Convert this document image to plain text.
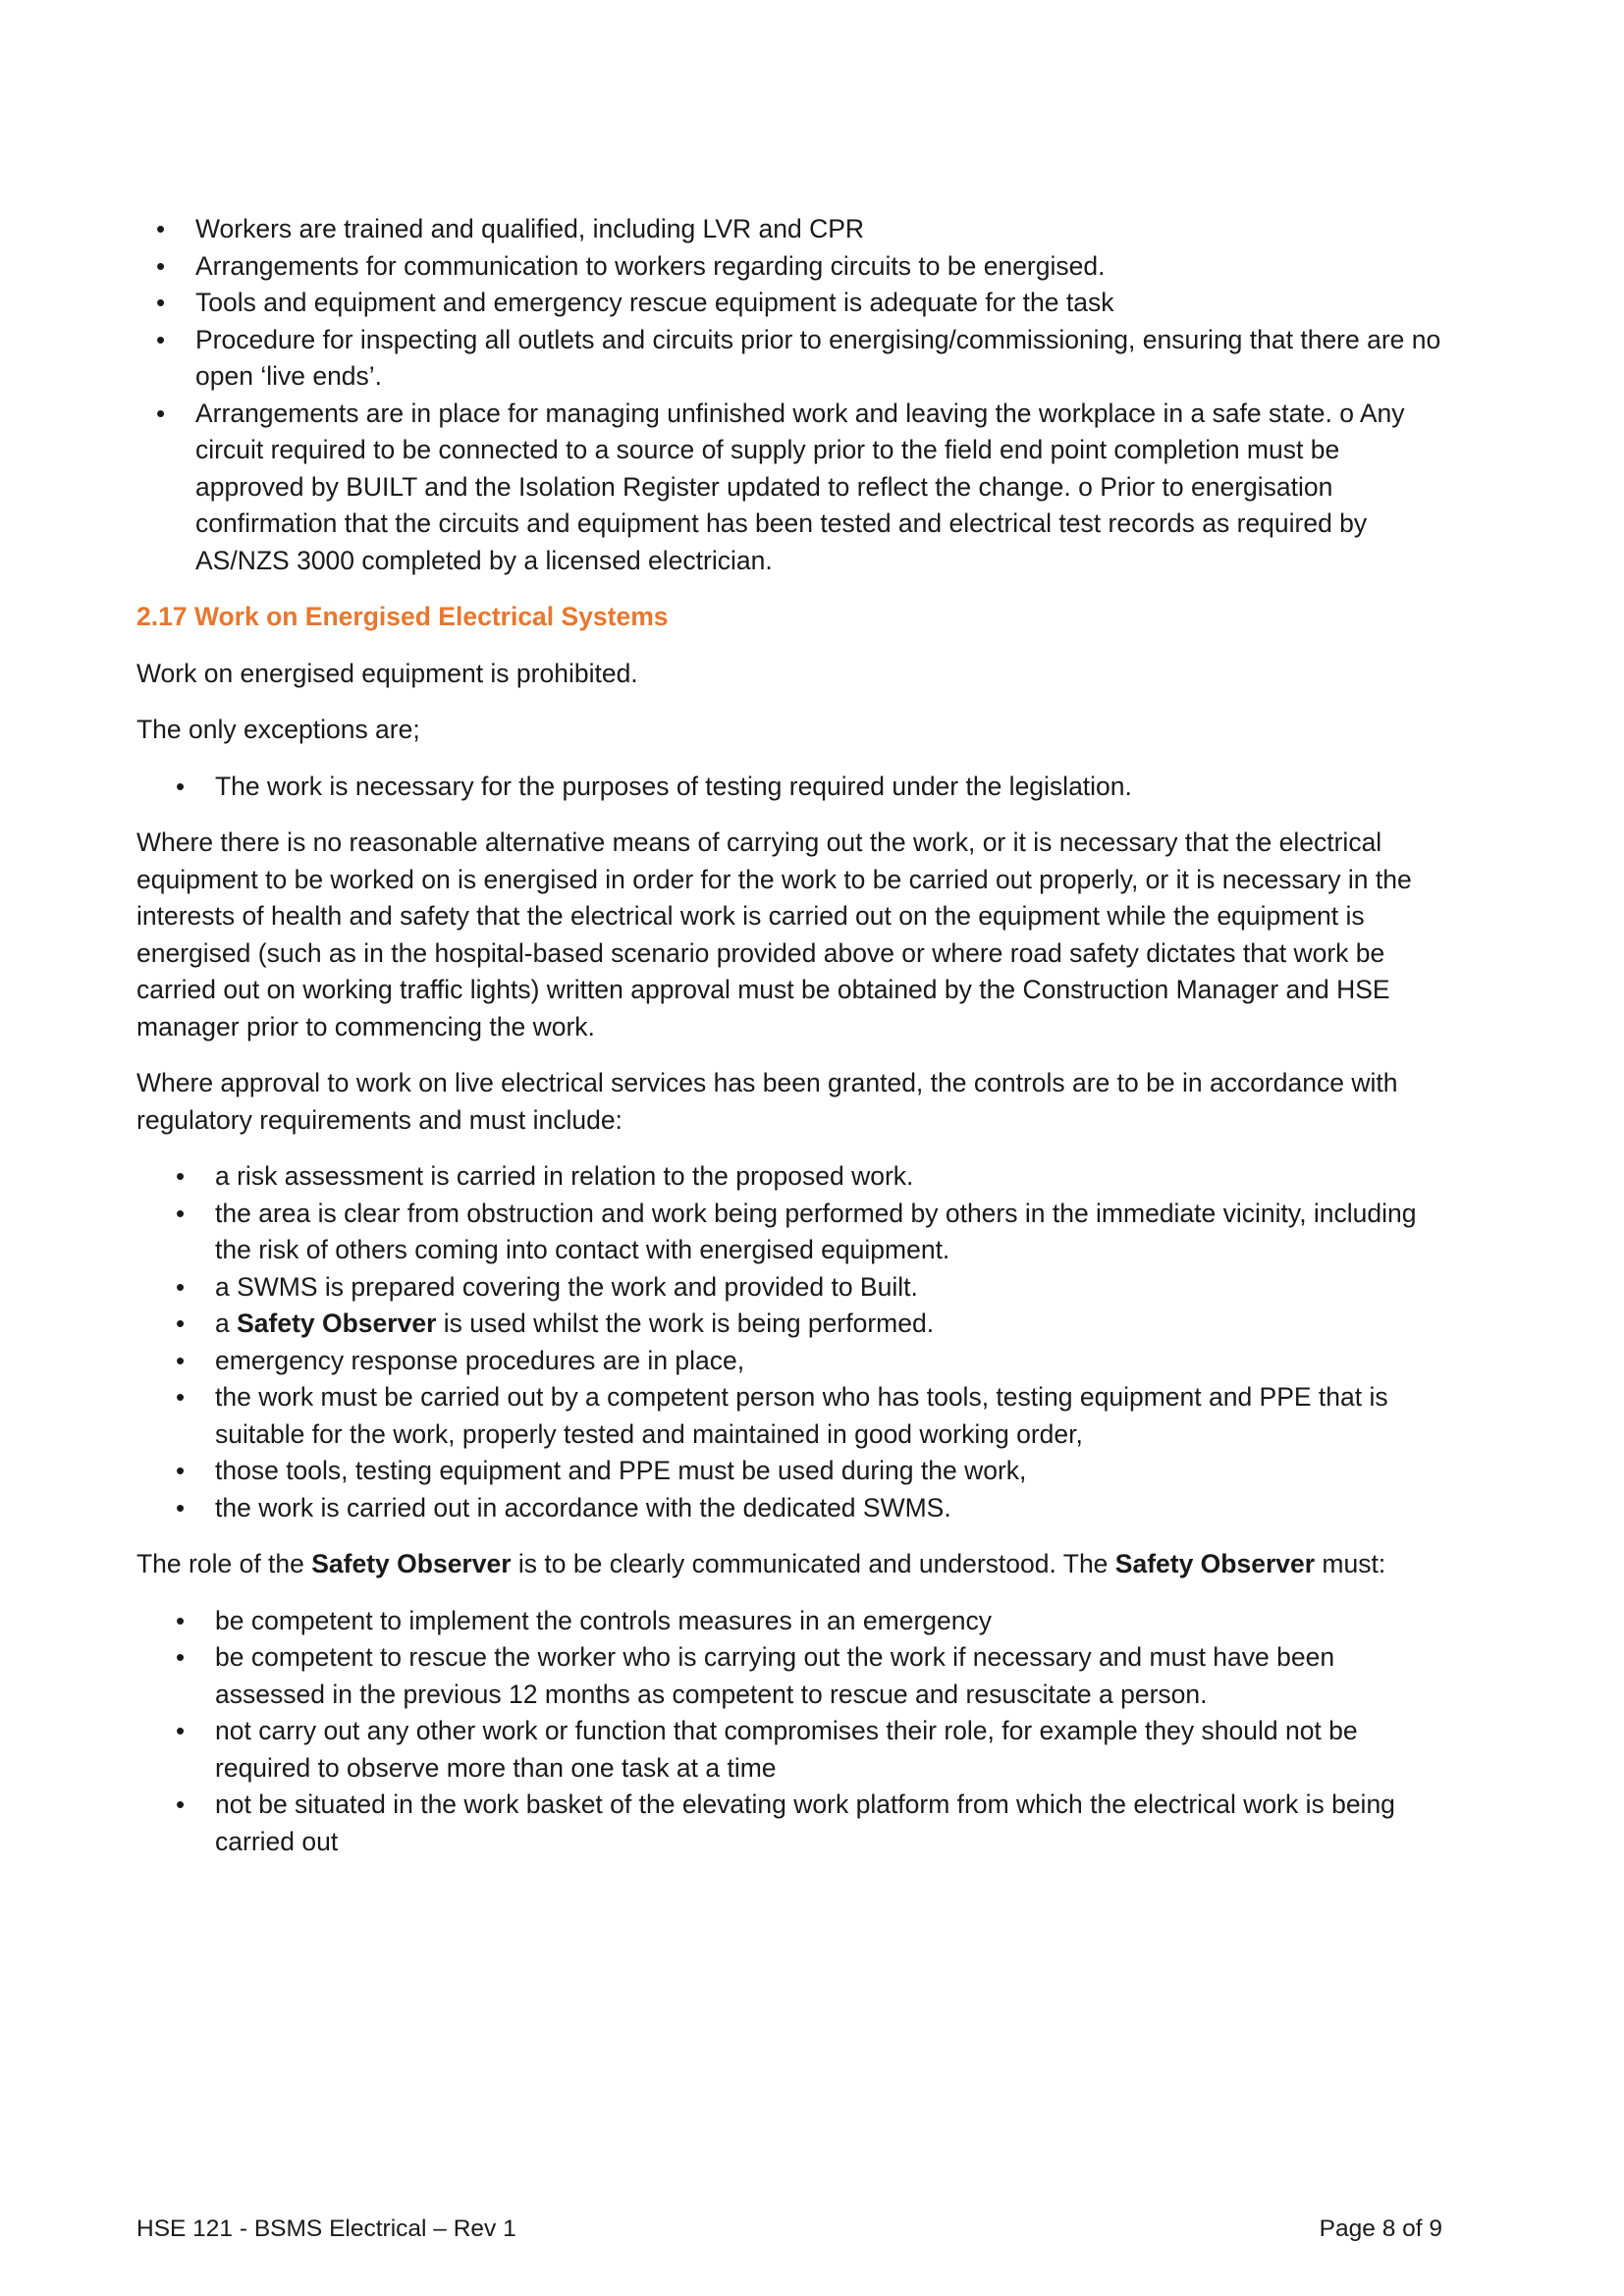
• Workers are trained and qualified, including LVR and CPR
• Arrangements for communication to workers regarding circuits to be energised.
• Tools and equipment and emergency rescue equipment is adequate for the task
• Procedure for inspecting all outlets and circuits prior to energising/commissioning, ensuring that there are no open ‘live ends’.
• Arrangements are in place for managing unfinished work and leaving the workplace in a safe state. o Any circuit required to be connected to a source of supply prior to the field end point completion must be approved by BUILT and the Isolation Register updated to reflect the change. o Prior to energisation confirmation that the circuits and equipment has been tested and electrical test records as required by AS/NZS 3000 completed by a licensed electrician.

2.17 Work on Energised Electrical Systems

Work on energised equipment is prohibited.

The only exceptions are;

• The work is necessary for the purposes of testing required under the legislation.

Where there is no reasonable alternative means of carrying out the work, or it is necessary that the electrical equipment to be worked on is energised in order for the work to be carried out properly, or it is necessary in the interests of health and safety that the electrical work is carried out on the equipment while the equipment is energised (such as in the hospital-based scenario provided above or where road safety dictates that work be carried out on working traffic lights) written approval must be obtained by the Construction Manager and HSE manager prior to commencing the work.

Where approval to work on live electrical services has been granted, the controls are to be in accordance with regulatory requirements and must include:

• a risk assessment is carried in relation to the proposed work.
• the area is clear from obstruction and work being performed by others in the immediate vicinity, including the risk of others coming into contact with energised equipment.
• a SWMS is prepared covering the work and provided to Built.
• a Safety Observer is used whilst the work is being performed.
• emergency response procedures are in place,
• the work must be carried out by a competent person who has tools, testing equipment and PPE that is suitable for the work, properly tested and maintained in good working order,
• those tools, testing equipment and PPE must be used during the work,
• the work is carried out in accordance with the dedicated SWMS.

The role of the Safety Observer is to be clearly communicated and understood. The Safety Observer must:

• be competent to implement the controls measures in an emergency
• be competent to rescue the worker who is carrying out the work if necessary and must have been assessed in the previous 12 months as competent to rescue and resuscitate a person.
• not carry out any other work or function that compromises their role, for example they should not be required to observe more than one task at a time
• not be situated in the work basket of the elevating work platform from which the electrical work is being carried out
HSE 121 - BSMS Electrical – Rev 1	Page 8 of 9
